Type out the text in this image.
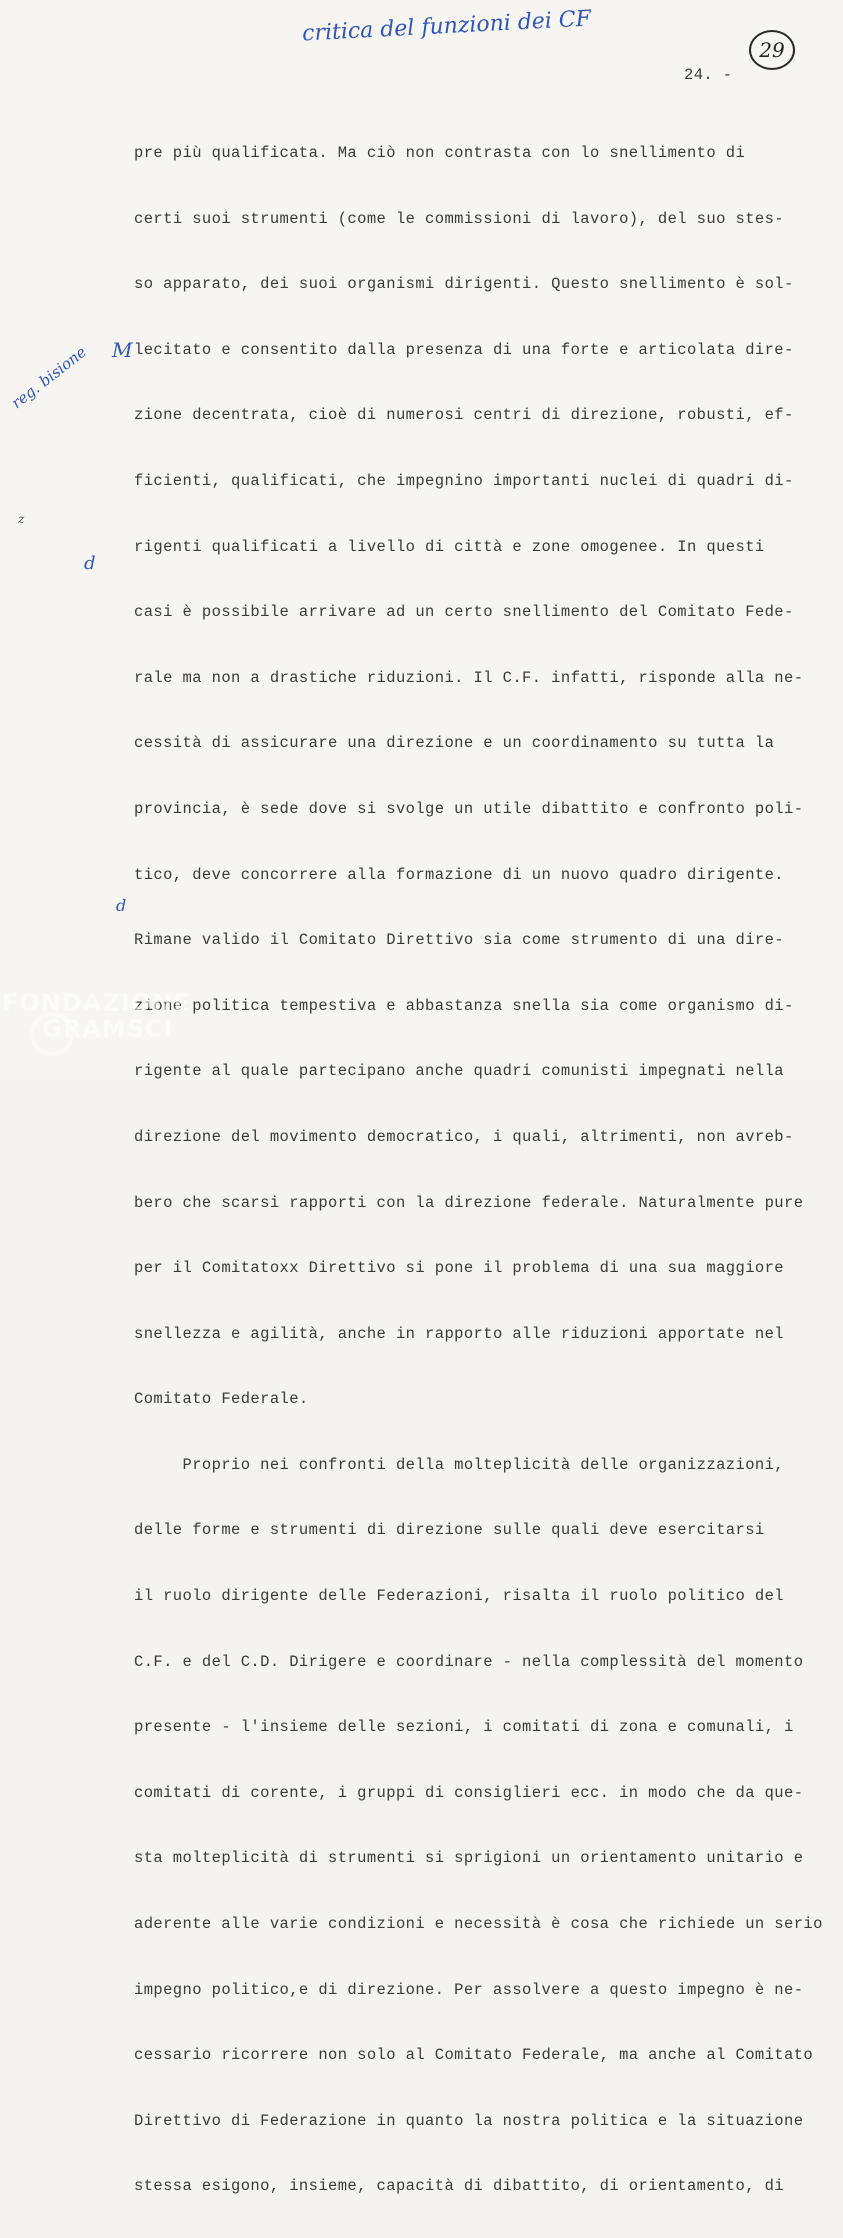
critica del funzioni dei CF
29
24. -
reg. bisione M
z
d
d

pre più qualificata. Ma ciò non contrasta con lo snellimento di

certi suoi strumenti (come le commissioni di lavoro), del suo stes-

so apparato, dei suoi organismi dirigenti. Questo snellimento è sol-

lecitato e consentito dalla presenza di una forte e articolata dire-

zione decentrata, cioè di numerosi centri di direzione, robusti, ef-

ficienti, qualificati, che impegnino importanti nuclei di quadri di-

rigenti qualificati a livello di città e zone omogenee. In questi

casi è possibile arrivare ad un certo snellimento del Comitato Fede-

rale ma non a drastiche riduzioni. Il C.F. infatti, risponde alla ne-

cessità di assicurare una direzione e un coordinamento su tutta la

provincia, è sede dove si svolge un utile dibattito e confronto poli-

tico, deve concorrere alla formazione di un nuovo quadro dirigente.

Rimane valido il Comitato Direttivo sia come strumento di una dire-

zione politica tempestiva e abbastanza snella sia come organismo di-

rigente al quale partecipano anche quadri comunisti impegnati nella

direzione del movimento democratico, i quali, altrimenti, non avreb-

bero che scarsi rapporti con la direzione federale. Naturalmente pure

per il Comitatoxx Direttivo si pone il problema di una sua maggiore

snellezza e agilità, anche in rapporto alle riduzioni apportate nel

Comitato Federale.

Proprio nei confronti della molteplicità delle organizzazioni,

delle forme e strumenti di direzione sulle quali deve esercitarsi

il ruolo dirigente delle Federazioni, risalta il ruolo politico del

C.F. e del C.D. Dirigere e coordinare - nella complessità del momento

presente - l'insieme delle sezioni, i comitati di zona e comunali, i

comitati di corente, i gruppi di consiglieri ecc. in modo che da que-

sta molteplicità di strumenti si sprigioni un orientamento unitario e

aderente alle varie condizioni e necessità è cosa che richiede un serio

impegno politico,e di direzione. Per assolvere a questo impegno è ne-

cessario ricorrere non solo al Comitato Federale, ma anche al Comitato

Direttivo di Federazione in quanto la nostra politica e la situazione

stessa esigono, insieme, capacità di dibattito, di orientamento, di

FONDAZIONE
GRAMSCI
